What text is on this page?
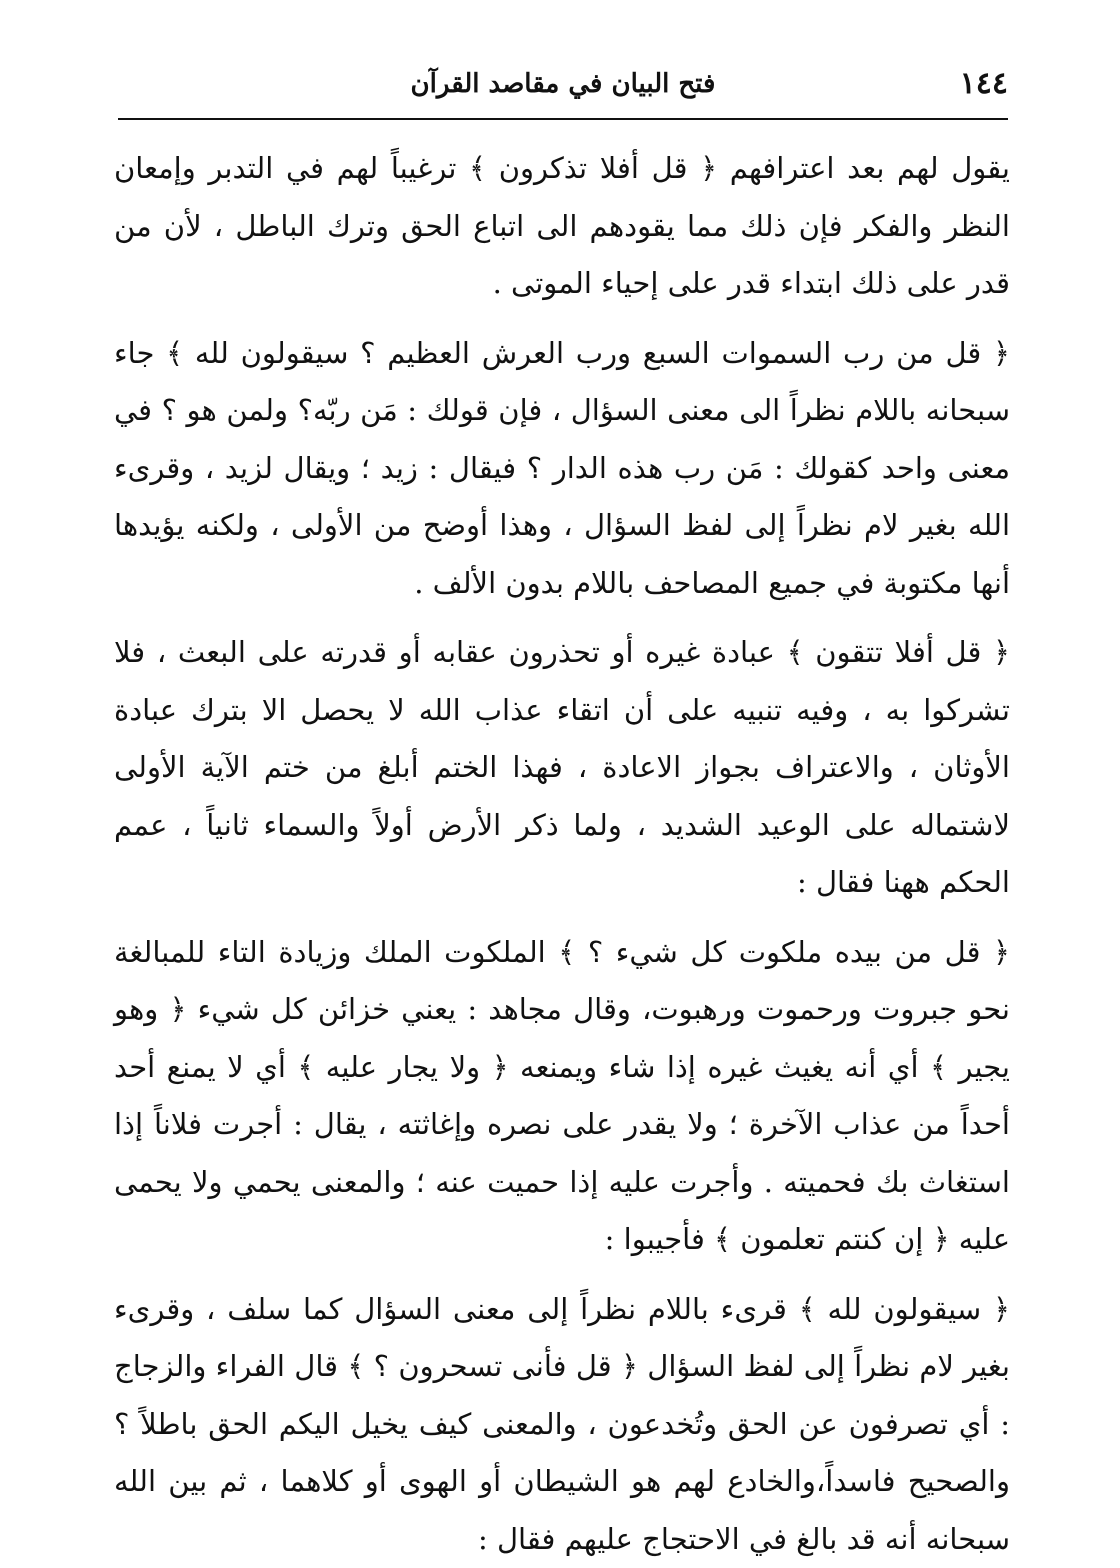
١٤٤
فتح البيان في مقاصد القرآن

يقول لهم بعد اعترافهم ﴿ قل أفلا تذكرون ﴾ ترغيباً لهم في التدبر وإمعان النظر والفكر فإن ذلك مما يقودهم الى اتباع الحق وترك الباطل ، لأن من قدر على ذلك ابتداء قدر على إحياء الموتى .

﴿ قل من رب السموات السبع ورب العرش العظيم ؟ سيقولون لله ﴾ جاء سبحانه باللام نظراً الى معنى السؤال ، فإن قولك : مَن ربّه؟ ولمن هو ؟ في معنى واحد كقولك : مَن رب هذه الدار ؟ فيقال : زيد ؛ ويقال لزيد ، وقرىء الله بغير لام نظراً إلى لفظ السؤال ، وهذا أوضح من الأولى ، ولكنه يؤيدها أنها مكتوبة في جميع المصاحف باللام بدون الألف .

﴿ قل أفلا تتقون ﴾ عبادة غيره أو تحذرون عقابه أو قدرته على البعث ، فلا تشركوا به ، وفيه تنبيه على أن اتقاء عذاب الله لا يحصل الا بترك عبادة الأوثان ، والاعتراف بجواز الاعادة ، فهذا الختم أبلغ من ختم الآية الأولى لاشتماله على الوعيد الشديد ، ولما ذكر الأرض أولاً والسماء ثانياً ، عمم الحكم ههنا فقال :

﴿ قل من بيده ملكوت كل شيء ؟ ﴾ الملكوت الملك وزيادة التاء للمبالغة نحو جبروت ورحموت ورهبوت، وقال مجاهد : يعني خزائن كل شيء ﴿ وهو يجير ﴾ أي أنه يغيث غيره إذا شاء ويمنعه ﴿ ولا يجار عليه ﴾ أي لا يمنع أحد أحداً من عذاب الآخرة ؛ ولا يقدر على نصره وإغاثته ، يقال : أجرت فلاناً إذا استغاث بك فحميته . وأجرت عليه إذا حميت عنه ؛ والمعنى يحمي ولا يحمى عليه ﴿ إن كنتم تعلمون ﴾ فأجيبوا :

﴿ سيقولون لله ﴾ قرىء باللام نظراً إلى معنى السؤال كما سلف ، وقرىء بغير لام نظراً إلى لفظ السؤال ﴿ قل فأنى تسحرون ؟ ﴾ قال الفراء والزجاج : أي تصرفون عن الحق وتُخدعون ، والمعنى كيف يخيل اليكم الحق باطلاً ؟ والصحيح فاسداً،والخادع لهم هو الشيطان أو الهوى أو كلاهما ، ثم بين الله سبحانه أنه قد بالغ في الاحتجاج عليهم فقال :
